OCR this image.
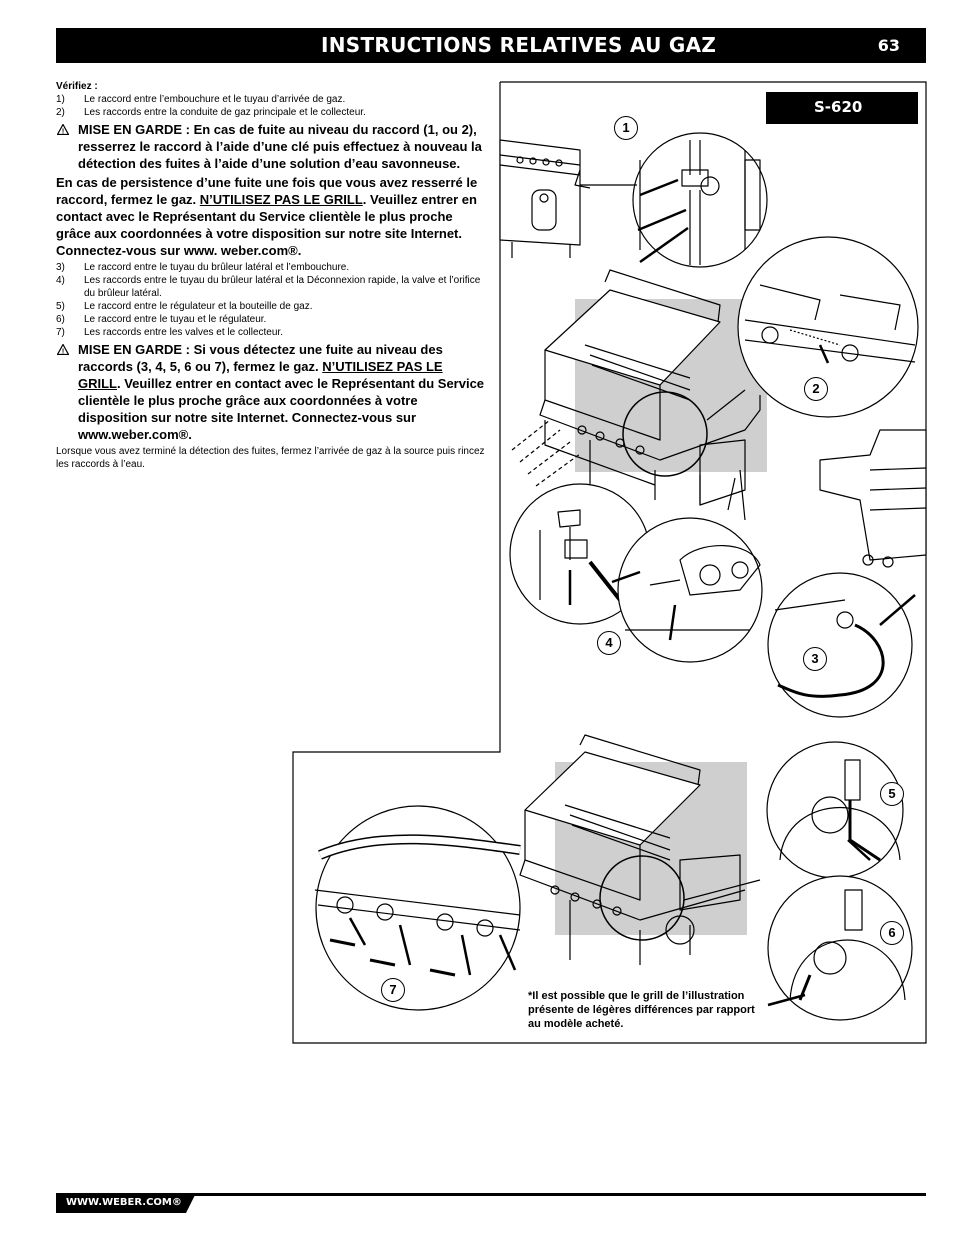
INSTRUCTIONS RELATIVES AU GAZ	63
Vérifiez :
1) Le raccord entre l’embouchure et le tuyau d’arrivée de gaz.
2) Les raccords entre la conduite de gaz principale et le collecteur.
! MISE EN GARDE : En cas de fuite au niveau du raccord (1, ou 2), resserrez le raccord à l’aide d’une clé puis effectuez à nouveau la détection des fuites à l’aide d’une solution d’eau savonneuse.
En cas de persistence d’une fuite une fois que vous avez resserré le raccord, fermez le gaz. N’UTILISEZ PAS LE GRILL. Veuillez entrer en contact avec le Représentant du Service clientèle le plus proche grâce aux coordonnées à votre disposition sur notre site Internet. Connectez-vous sur www. weber.com®.
3) Le raccord entre le tuyau du brûleur latéral et l’embouchure.
4) Les raccords entre le tuyau du brûleur latéral et la Déconnexion rapide, la valve et l’orifice du brûleur latéral.
5) Le raccord entre le régulateur et la bouteille de gaz.
6) Le raccord entre le tuyau et le régulateur.
7) Les raccords entre les valves et le collecteur.
! MISE EN GARDE : Si vous détectez une fuite au niveau des raccords (3, 4, 5, 6 ou 7), fermez le gaz. N’UTILISEZ PAS LE GRILL. Veuillez entrer en contact avec le Représentant du Service clientèle le plus proche grâce aux coordonnées à votre disposition sur notre site Internet. Connectez-vous sur www.weber.com®.
Lorsque vous avez terminé la détection des fuites, fermez l’arrivée de gaz à la source puis rincez les raccords à l’eau.
S-620
1
2
3
4
5
6
7	*Il est possible que le grill de l’illustration présente de légères différences par rapport au modèle acheté.
WWW.WEBER.COM®
